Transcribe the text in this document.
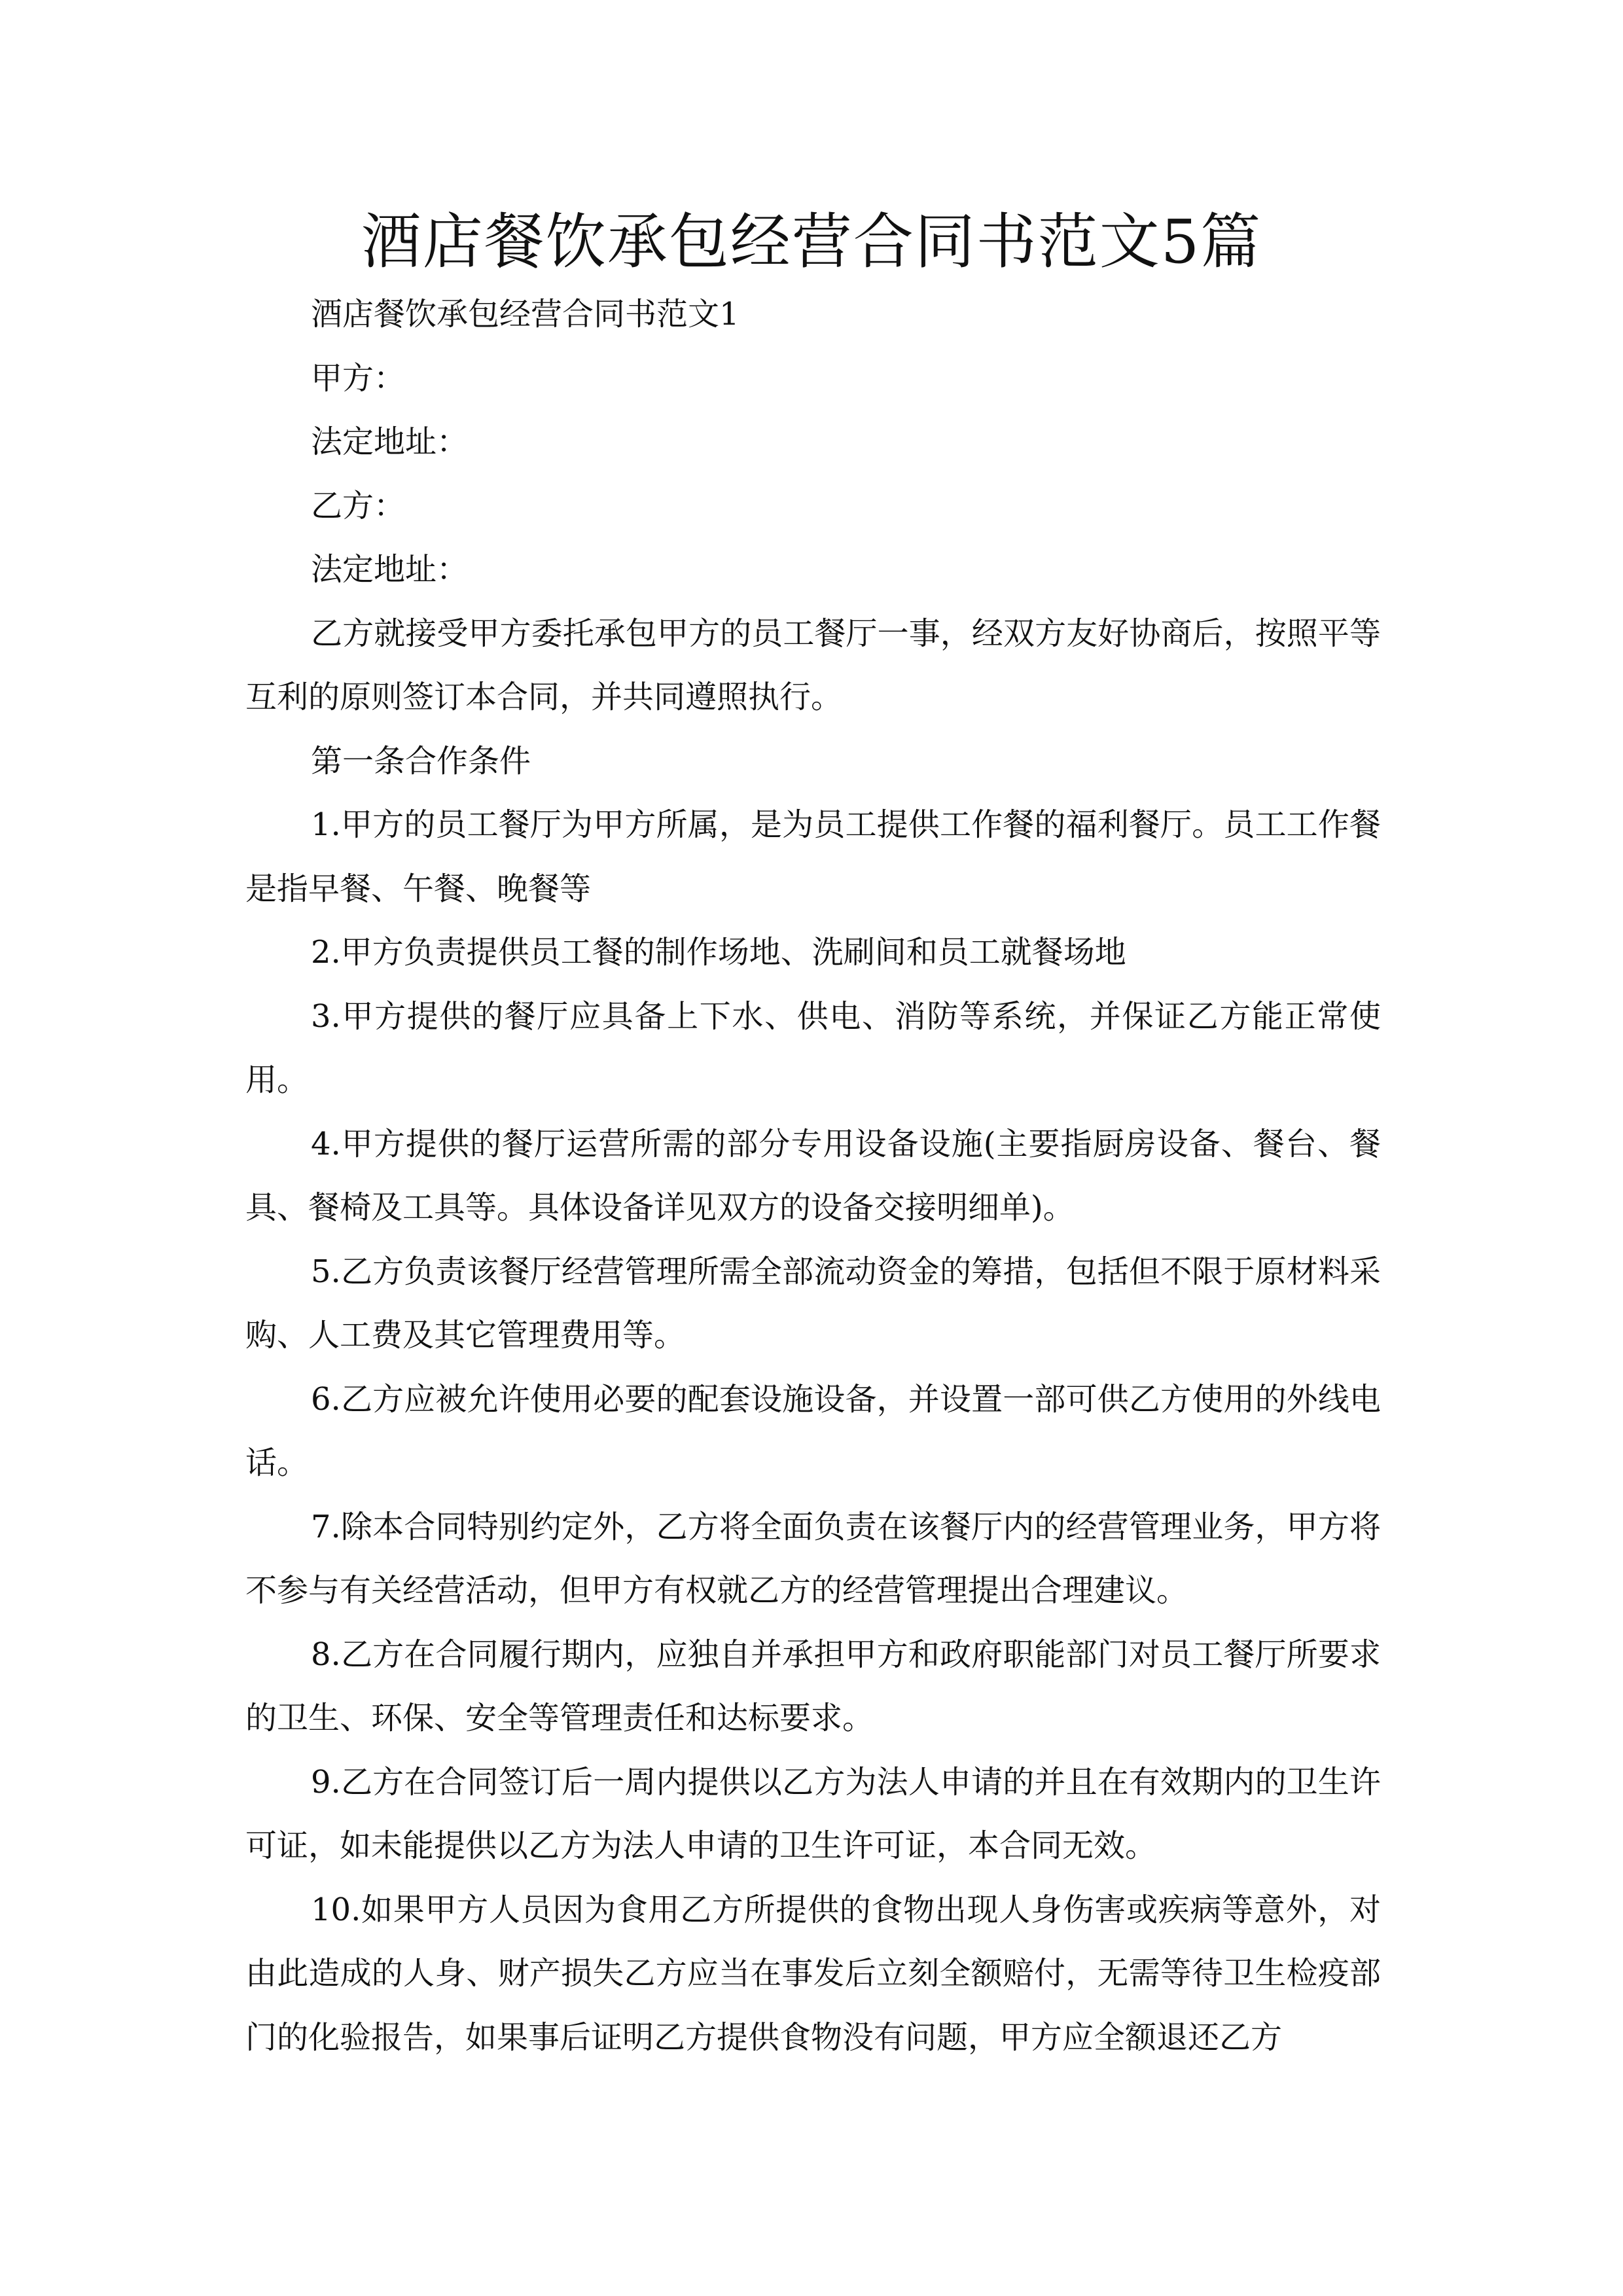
酒店餐饮承包经营合同书范文5篇

酒店餐饮承包经营合同书范文1

甲方：

法定地址：

乙方：

法定地址：

乙方就接受甲方委托承包甲方的员工餐厅一事，经双方友好协商后，按照平等互利的原则签订本合同，并共同遵照执行。

第一条合作条件

1.甲方的员工餐厅为甲方所属，是为员工提供工作餐的福利餐厅。员工工作餐是指早餐、午餐、晚餐等

2.甲方负责提供员工餐的制作场地、洗刷间和员工就餐场地

3.甲方提供的餐厅应具备上下水、供电、消防等系统，并保证乙方能正常使用。

4.甲方提供的餐厅运营所需的部分专用设备设施(主要指厨房设备、餐台、餐具、餐椅及工具等。具体设备详见双方的设备交接明细单)。

5.乙方负责该餐厅经营管理所需全部流动资金的筹措，包括但不限于原材料采购、人工费及其它管理费用等。

6.乙方应被允许使用必要的配套设施设备，并设置一部可供乙方使用的外线电话。

7.除本合同特别约定外，乙方将全面负责在该餐厅内的经营管理业务，甲方将不参与有关经营活动，但甲方有权就乙方的经营管理提出合理建议。

8.乙方在合同履行期内，应独自并承担甲方和政府职能部门对员工餐厅所要求的卫生、环保、安全等管理责任和达标要求。

9.乙方在合同签订后一周内提供以乙方为法人申请的并且在有效期内的卫生许可证，如未能提供以乙方为法人申请的卫生许可证，本合同无效。

10.如果甲方人员因为食用乙方所提供的食物出现人身伤害或疾病等意外，对由此造成的人身、财产损失乙方应当在事发后立刻全额赔付，无需等待卫生检疫部门的化验报告，如果事后证明乙方提供食物没有问题，甲方应全额退还乙方
